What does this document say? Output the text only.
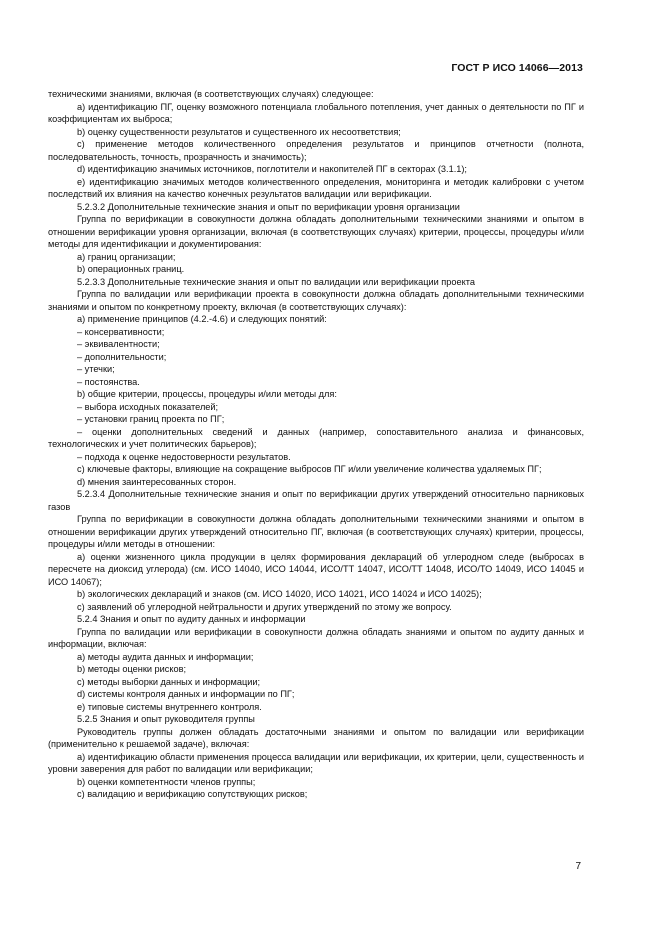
ГОСТ Р ИСО 14066—2013

техническими знаниями, включая (в соответствующих случаях) следующее:

a) идентификацию ПГ, оценку возможного потенциала глобального потепления, учет данных о деятельности по ПГ и коэффициентам их выброса;

b) оценку существенности результатов и существенного их несоответствия;

c) применение методов количественного определения результатов и принципов отчетности (полнота, последовательность, точность, прозрачность и значимость);

d) идентификацию значимых источников, поглотители и накопителей ПГ в секторах (3.1.1);

e) идентификацию значимых методов количественного определения, мониторинга и методик калибровки с учетом последствий их влияния на качество конечных результатов валидации или верификации.

5.2.3.2 Дополнительные технические знания и опыт по верификации уровня организации

Группа по верификации в совокупности должна обладать дополнительными техническими знаниями и опытом в отношении верификации уровня организации, включая (в соответствующих случаях) критерии, процессы, процедуры и/или методы для идентификации и документирования:

a) границ организации;

b) операционных границ.

5.2.3.3 Дополнительные технические знания и опыт по валидации или верификации проекта

Группа по валидации или верификации проекта в совокупности должна обладать дополнительными техническими знаниями и опытом по конкретному проекту, включая (в соответствующих случаях):

a) применение принципов (4.2.-4.6) и следующих понятий:

– консервативности;

– эквивалентности;

– дополнительности;

– утечки;

– постоянства.

b) общие критерии, процессы, процедуры и/или методы для:

– выбора исходных показателей;

– установки границ проекта по ПГ;

– оценки дополнительных сведений и данных (например, сопоставительного анализа и финансовых, технологических и учет политических барьеров);

– подхода к оценке недостоверности результатов.

c) ключевые факторы, влияющие на сокращение выбросов ПГ и/или увеличение количества удаляемых ПГ;

d) мнения заинтересованных сторон.

5.2.3.4 Дополнительные технические знания и опыт по верификации других утверждений относительно парниковых газов

Группа по верификации в совокупности должна обладать дополнительными техническими знаниями и опытом в отношении верификации других утверждений относительно ПГ, включая (в соответствующих случаях) критерии, процессы, процедуры и/или методы в отношении:

a) оценки жизненного цикла продукции в целях формирования деклараций об углеродном следе (выбросах в пересчете на диоксид углерода) (см. ИСО 14040, ИСО 14044, ИСО/ТТ 14047, ИСО/ТТ 14048, ИСО/ТО 14049, ИСО 14045 и ИСО 14067);

b) экологических деклараций и знаков (см. ИСО 14020, ИСО 14021, ИСО 14024 и ИСО 14025);

c) заявлений об углеродной нейтральности и других утверждений по этому же вопросу.

5.2.4 Знания и опыт по аудиту данных и информации

Группа по валидации или верификации в совокупности должна обладать знаниями и опытом по аудиту данных и информации, включая:

a) методы аудита данных и информации;

b) методы оценки рисков;

c) методы выборки данных и информации;

d) системы контроля данных и информации по ПГ;

e) типовые системы внутреннего контроля.

5.2.5 Знания и опыт руководителя группы

Руководитель группы должен обладать достаточными знаниями и опытом по валидации или верификации (применительно к решаемой задаче), включая:

a) идентификацию области применения процесса валидации или верификации, их критерии, цели, существенность и уровни заверения для работ по валидации или верификации;

b) оценки компетентности членов группы;

c) валидацию и верификацию сопутствующих рисков;

7
